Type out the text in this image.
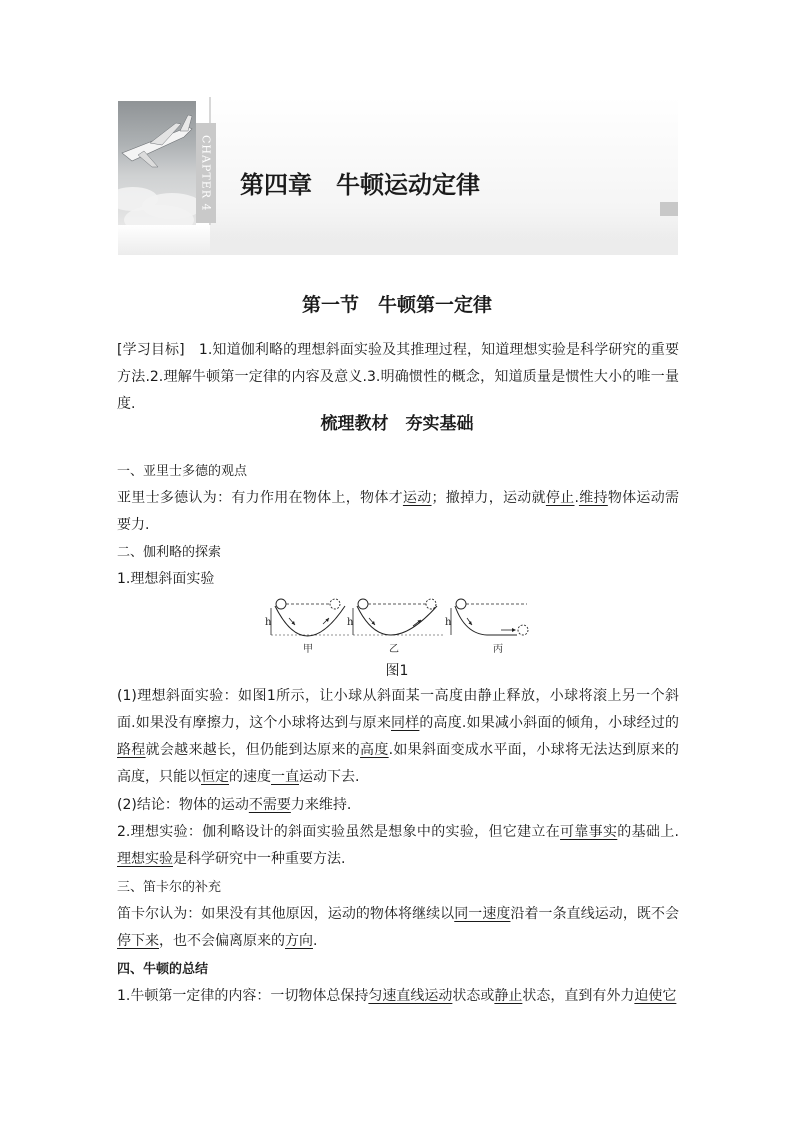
CHAPTER 4 第四章　牛顿运动定律
第一节　牛顿第一定律
[学习目标]　1.知道伽利略的理想斜面实验及其推理过程，知道理想实验是科学研究的重要方法.2.理解牛顿第一定律的内容及意义.3.明确惯性的概念，知道质量是惯性大小的唯一量度.
梳理教材　夯实基础
一、亚里士多德的观点
亚里士多德认为：有力作用在物体上，物体才运动；撤掉力，运动就停止.维持物体运动需要力.
二、伽利略的探索
1.理想斜面实验
h
甲
h
乙
h
丙
图1
(1)理想斜面实验：如图1所示，让小球从斜面某一高度由静止释放，小球将滚上另一个斜面.如果没有摩擦力，这个小球将达到与原来同样的高度.如果减小斜面的倾角，小球经过的路程就会越来越长，但仍能到达原来的高度.如果斜面变成水平面，小球将无法达到原来的高度，只能以恒定的速度一直运动下去.
(2)结论：物体的运动不需要力来维持.
2.理想实验：伽利略设计的斜面实验虽然是想象中的实验，但它建立在可靠事实的基础上.理想实验是科学研究中一种重要方法.
三、笛卡尔的补充
笛卡尔认为：如果没有其他原因，运动的物体将继续以同一速度沿着一条直线运动，既不会停下来，也不会偏离原来的方向.
四、牛顿的总结
1.牛顿第一定律的内容：一切物体总保持匀速直线运动状态或静止状态，直到有外力迫使它
